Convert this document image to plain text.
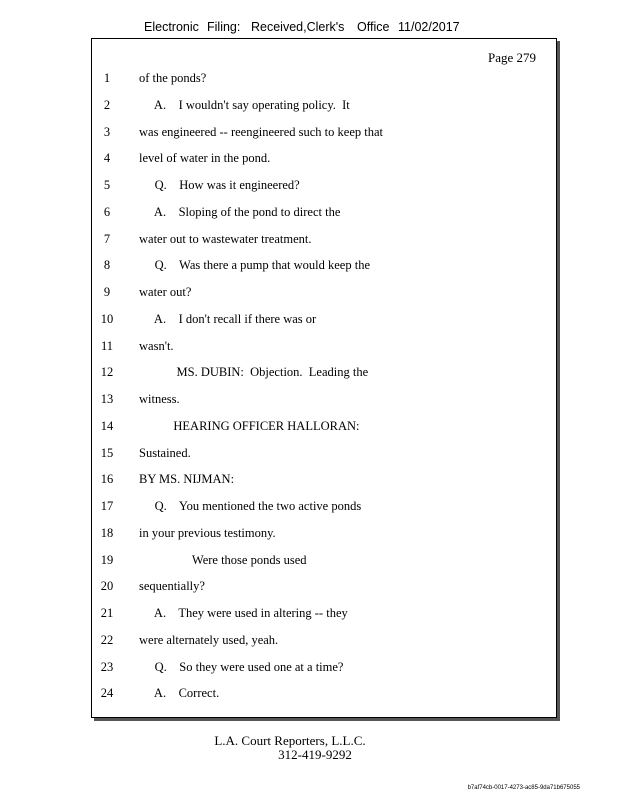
Electronic Filing: Received,Clerk's Office 11/02/2017
Page 279
1	of the ponds?
2	A.    I wouldn't say operating policy.  It
3	was engineered -- reengineered such to keep that
4	level of water in the pond.
5	Q.    How was it engineered?
6	A.    Sloping of the pond to direct the
7	water out to wastewater treatment.
8	Q.    Was there a pump that would keep the
9	water out?
10	A.    I don't recall if there was or
11	wasn't.
12	MS. DUBIN:  Objection.  Leading the
13	witness.
14	HEARING OFFICER HALLORAN:
15	Sustained.
16	BY MS. NIJMAN:
17	Q.    You mentioned the two active ponds
18	in your previous testimony.
19	Were those ponds used
20	sequentially?
21	A.    They were used in altering -- they
22	were alternately used, yeah.
23	Q.    So they were used one at a time?
24	A.    Correct.
L.A. Court Reporters, L.L.C.
312-419-9292
b7af74cb-0017-4273-ac85-9da71b675055
